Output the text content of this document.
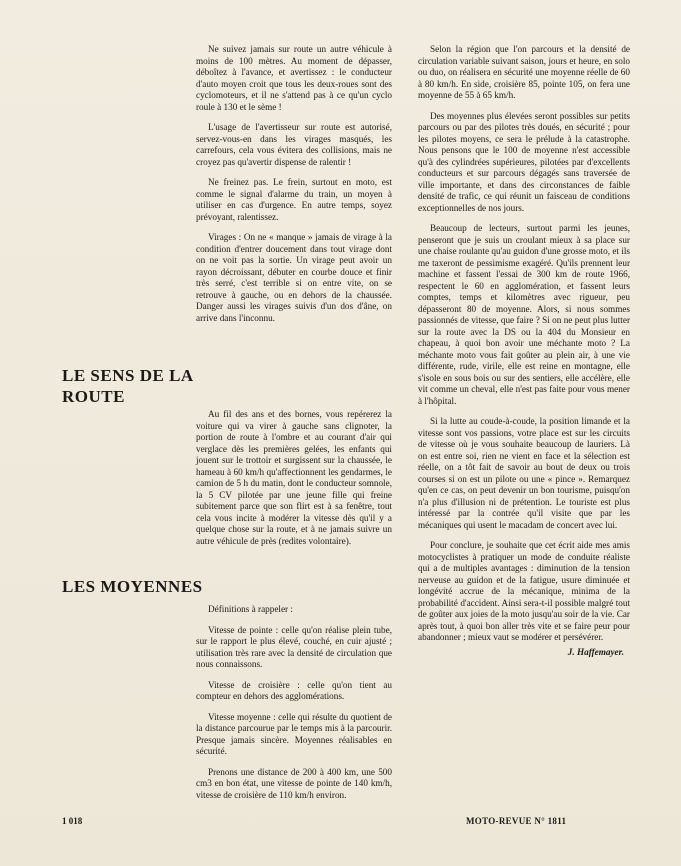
Ne suivez jamais sur route un autre véhicule à moins de 100 mètres. Au moment de dépasser, déboîtez à l'avance, et avertissez : le conducteur d'auto moyen croit que tous les deux-roues sont des cyclomoteurs, et il ne s'attend pas à ce qu'un cyclo roule à 130 et le sème !

L'usage de l'avertisseur sur route est autorisé, servez-vous-en dans les virages masqués, les carrefours, cela vous évitera des collisions, mais ne croyez pas qu'avertir dispense de ralentir !

Ne freinez pas. Le frein, surtout en moto, est comme le signal d'alarme du train, un moyen à utiliser en cas d'urgence. En autre temps, soyez prévoyant, ralentissez.

Virages : On ne « manque » jamais de virage à la condition d'entrer doucement dans tout virage dont on ne voit pas la sortie. Un virage peut avoir un rayon décroissant, débuter en courbe douce et finir très serré, c'est terrible si on entre vite, on se retrouve à gauche, ou en dehors de la chaussée. Danger aussi les virages suivis d'un dos d'âne, on arrive dans l'inconnu.

LE SENS DE LA ROUTE

Au fil des ans et des bornes, vous repérerez la voiture qui va virer à gauche sans clignoter, la portion de route à l'ombre et au courant d'air qui verglace dès les premières gelées, les enfants qui jouent sur le trottoir et surgissent sur la chaussée, le hameau à 60 km/h qu'affectionnent les gendarmes, le camion de 5 h du matin, dont le conducteur somnole, la 5 CV pilotée par une jeune fille qui freine subitement parce que son flirt est à sa fenêtre, tout cela vous incite à modérer la vitesse dès qu'il y a quelque chose sur la route, et à ne jamais suivre un autre véhicule de près (redites volontaire).

LES MOYENNES

Définitions à rappeler :

Vitesse de pointe : celle qu'on réalise plein tube, sur le rapport le plus élevé, couché, en cuir ajusté ; utilisation très rare avec la densité de circulation que nous connaissons.

Vitesse de croisière : celle qu'on tient au compteur en dehors des agglomérations.

Vitesse moyenne : celle qui résulte du quotient de la distance parcourue par le temps mis à la parcourir. Presque jamais sincère. Moyennes réalisables en sécurité.

Prenons une distance de 200 à 400 km, une 500 cm3 en bon état, une vitesse de pointe de 140 km/h, vitesse de croisière de 110 km/h environ.

Selon la région que l'on parcours et la densité de circulation variable suivant saison, jours et heure, en solo ou duo, on réalisera en sécurité une moyenne réelle de 60 à 80 km/h. En side, croisière 85, pointe 105, on fera une moyenne de 55 à 65 km/h.

Des moyennes plus élevées seront possibles sur petits parcours ou par des pilotes très doués, en sécurité ; pour les pilotes moyens, ce sera le prélude à la catastrophe. Nous pensons que le 100 de moyenne n'est accessible qu'à des cylindrées supérieures, pilotées par d'excellents conducteurs et sur parcours dégagés sans traversée de ville importante, et dans des circonstances de faible densité de trafic, ce qui réunit un faisceau de conditions exceptionnelles de nos jours.

Beaucoup de lecteurs, surtout parmi les jeunes, penseront que je suis un croulant mieux à sa place sur une chaise roulante qu'au guidon d'une grosse moto, et ils me taxeront de pessimisme exagéré. Qu'ils prennent leur machine et fassent l'essai de 300 km de route 1966, respectent le 60 en agglomération, et fassent leurs comptes, temps et kilomètres avec rigueur, peu dépasseront 80 de moyenne. Alors, si nous sommes passionnés de vitesse, que faire ? Si on ne peut plus lutter sur la route avec la DS ou la 404 du Monsieur en chapeau, à quoi bon avoir une méchante moto ? La méchante moto vous fait goûter au plein air, à une vie différente, rude, virile, elle est reine en montagne, elle s'isole en sous bois ou sur des sentiers, elle accélère, elle vit comme un cheval, elle n'est pas faite pour vous mener à l'hôpital.

Si la lutte au coude-à-coude, la position limande et la vitesse sont vos passions, votre place est sur les circuits de vitesse où je vous souhaite beaucoup de lauriers. Là on est entre soi, rien ne vient en face et la sélection est réelle, on a tôt fait de savoir au bout de deux ou trois courses si on est un pilote ou une « pince ». Remarquez qu'en ce cas, on peut devenir un bon tourisme, puisqu'on n'a plus d'illusion ni de prétention. Le touriste est plus intéressé par la contrée qu'il visite que par les mécaniques qui usent le macadam de concert avec lui.

Pour conclure, je souhaite que cet écrit aide mes amis motocyclistes à pratiquer un mode de conduite réaliste qui a de multiples avantages : diminution de la tension nerveuse au guidon et de la fatigue, usure diminuée et longévité accrue de la mécanique, minima de la probabilité d'accident. Ainsi sera-t-il possible malgré tout de goûter aux joies de la moto jusqu'au soir de la vie. Car après tout, à quoi bon aller très vite et se faire peur pour abandonner ; mieux vaut se modérer et persévérer.

J. Haffemayer.
1 018	MOTO-REVUE N° 1811
